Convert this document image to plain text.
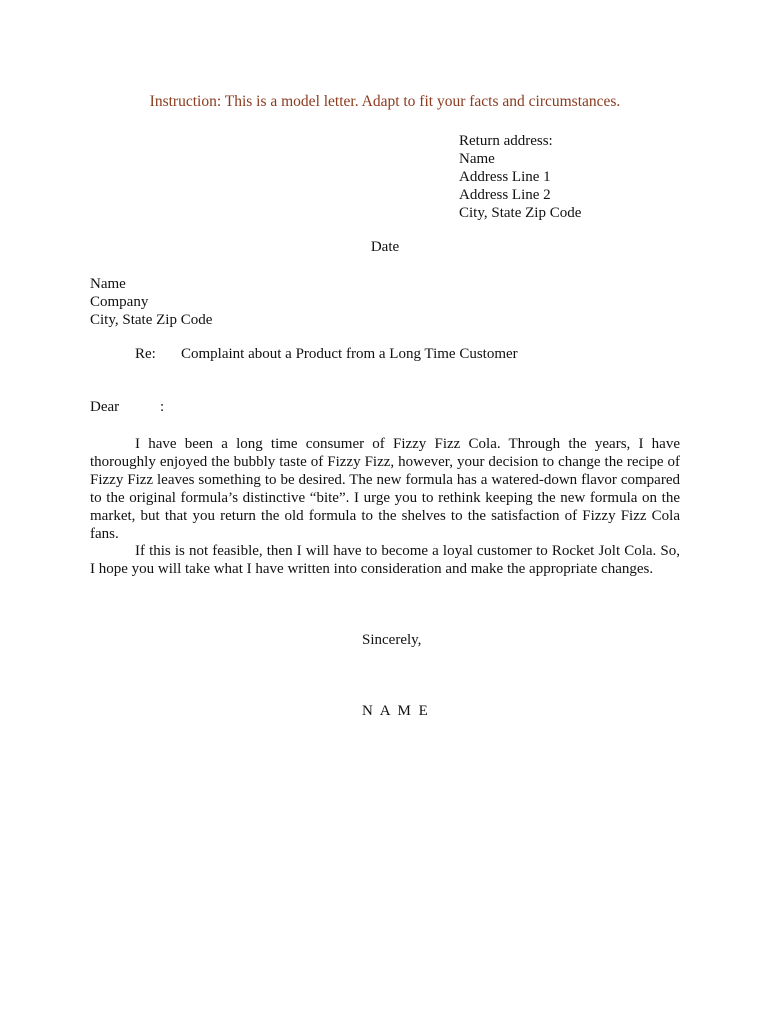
Instruction: This is a model letter. Adapt to fit your facts and circumstances.
Return address:
Name
Address Line 1
Address Line 2
City, State Zip Code
Date
Name
Company
City, State Zip Code
Re: Complaint about a Product from a Long Time Customer
Dear	:

I have been a long time consumer of Fizzy Fizz Cola. Through the years, I have thoroughly enjoyed the bubbly taste of Fizzy Fizz, however, your decision to change the recipe of Fizzy Fizz leaves something to be desired. The new formula has a watered-down flavor compared to the original formula’s distinctive “bite”. I urge you to rethink keeping the new formula on the market, but that you return the old formula to the shelves to the satisfaction of Fizzy Fizz Cola fans.

If this is not feasible, then I will have to become a loyal customer to Rocket Jolt Cola. So, I hope you will take what I have written into consideration and make the appropriate changes.

Sincerely,
N A M E
